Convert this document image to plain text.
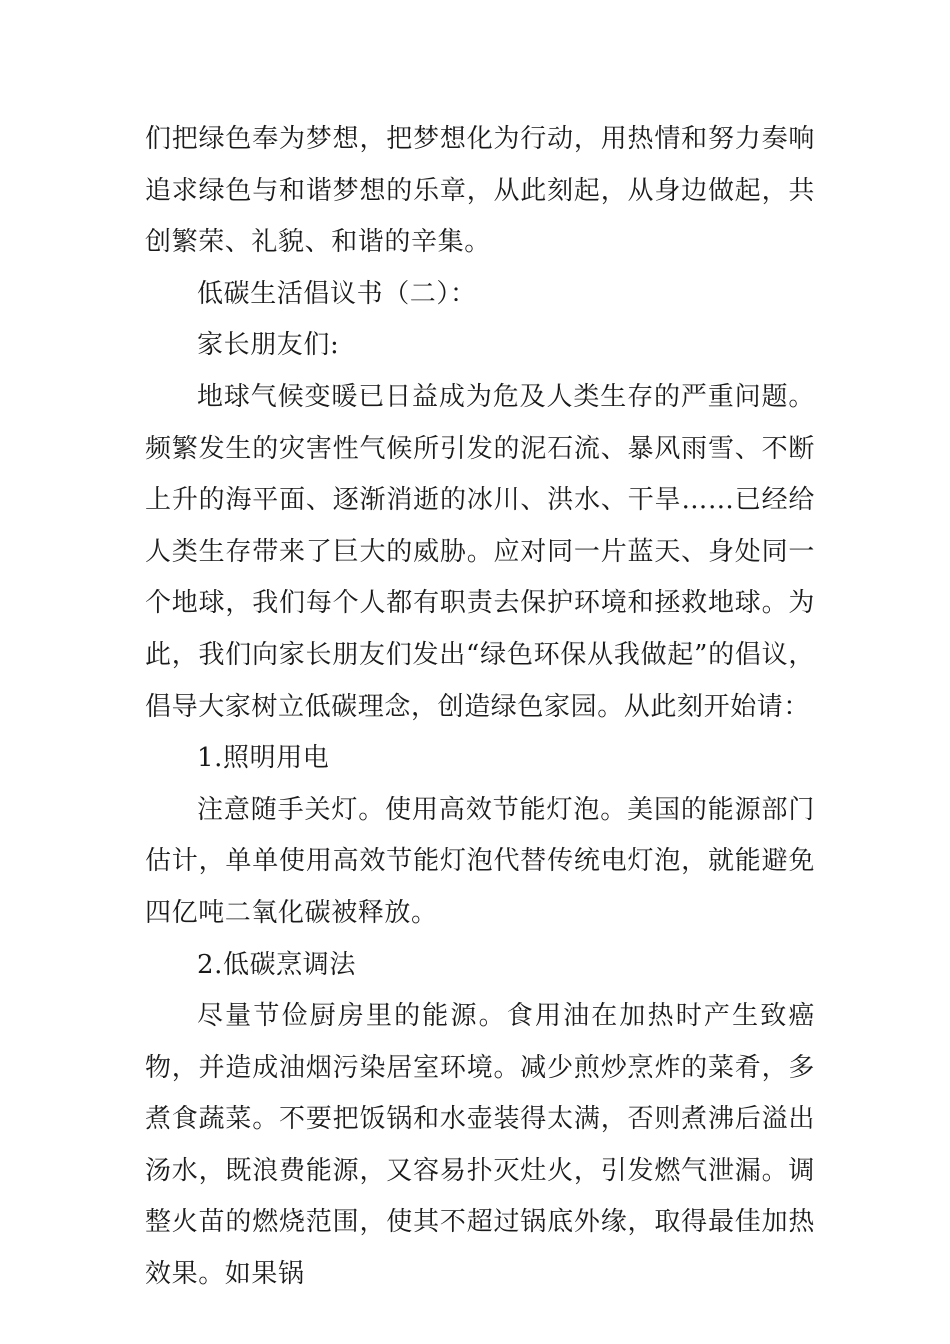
们把绿色奉为梦想，把梦想化为行动，用热情和努力奏响追求绿色与和谐梦想的乐章，从此刻起，从身边做起，共创繁荣、礼貌、和谐的辛集。

低碳生活倡议书（二）：

家长朋友们:

地球气候变暖已日益成为危及人类生存的严重问题。频繁发生的灾害性气候所引发的泥石流、暴风雨雪、不断上升的海平面、逐渐消逝的冰川、洪水、干旱……已经给人类生存带来了巨大的威胁。应对同一片蓝天、身处同一个地球，我们每个人都有职责去保护环境和拯救地球。为此，我们向家长朋友们发出“绿色环保从我做起”的倡议，倡导大家树立低碳理念，创造绿色家园。从此刻开始请：

1.照明用电

注意随手关灯。使用高效节能灯泡。美国的能源部门估计，单单使用高效节能灯泡代替传统电灯泡，就能避免四亿吨二氧化碳被释放。

2.低碳烹调法

尽量节俭厨房里的能源。食用油在加热时产生致癌物，并造成油烟污染居室环境。减少煎炒烹炸的菜肴，多煮食蔬菜。不要把饭锅和水壶装得太满，否则煮沸后溢出汤水，既浪费能源，又容易扑灭灶火，引发燃气泄漏。调整火苗的燃烧范围，使其不超过锅底外缘，取得最佳加热效果。如果锅
